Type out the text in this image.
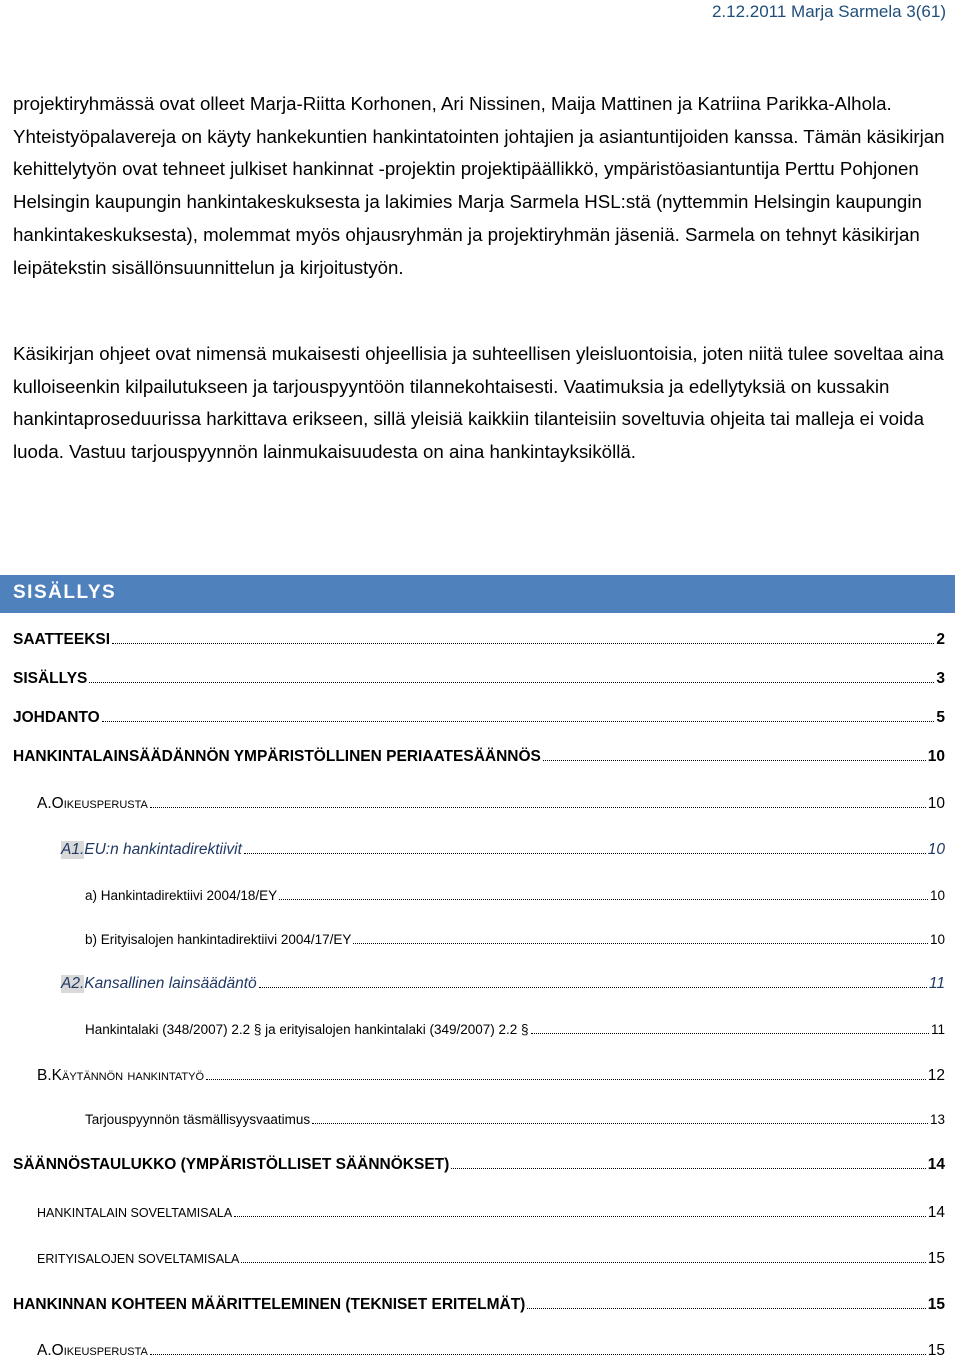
2.12.2011 Marja Sarmela 3(61)

projektiryhmässä ovat olleet Marja-Riitta Korhonen, Ari Nissinen, Maija Mattinen ja Katriina Parikka-Alhola. Yhteistyöpalavereja on käyty hankekuntien hankintatointen johtajien ja asiantuntijoiden kanssa. Tämän käsikirjan kehittelytyön ovat tehneet julkiset hankinnat -projektin projektipäällikkö, ympäristöasiantuntija Perttu Pohjonen Helsingin kaupungin hankintakeskuksesta ja lakimies Marja Sarmela HSL:stä (nyttemmin Helsingin kaupungin hankintakeskuksesta), molemmat myös ohjausryhmän ja projektiryhmän jäseniä. Sarmela on tehnyt käsikirjan leipätekstin sisällönsuunnittelun ja kirjoitustyön.

Käsikirjan ohjeet ovat nimensä mukaisesti ohjeellisia ja suhteellisen yleisluontoisia, joten niitä tulee soveltaa aina kulloiseenkin kilpailutukseen ja tarjouspyyntöön tilannekohtaisesti. Vaatimuksia ja edellytyksiä on kussakin hankintaproseduurissa harkittava erikseen, sillä yleisiä kaikkiin tilanteisiin soveltuvia ohjeita tai malleja ei voida luoda. Vastuu tarjouspyynnön lainmukaisuudesta on aina hankintayksiköllä.

SISÄLLYS
SAATTEEKSI	2
SISÄLLYS	3
JOHDANTO	5
HANKINTALAINSÄÄDÄNNÖN YMPÄRISTÖLLINEN PERIAATESÄÄNNÖS	10
A. Oikeusperusta	10
A1. EU:n hankintadirektiivit	10
a) Hankintadirektiivi 2004/18/EY	10
b) Erityisalojen hankintadirektiivi 2004/17/EY	10
A2. Kansallinen lainsäädäntö	11
Hankintalaki (348/2007) 2.2 § ja erityisalojen hankintalaki (349/2007) 2.2 §	11
B. Käytännön hankintatyö	12
Tarjouspyynnön täsmällisyysvaatimus	13
SÄÄNNÖSTAULUKKO (YMPÄRISTÖLLISET SÄÄNNÖKSET)	14
HANKINTALAIN SOVELTAMISALA	14
ERITYISALOJEN SOVELTAMISALA	15
HANKINNAN KOHTEEN MÄÄRITTELEMINEN (TEKNISET ERITELMÄT)	15
A. Oikeusperusta	15
